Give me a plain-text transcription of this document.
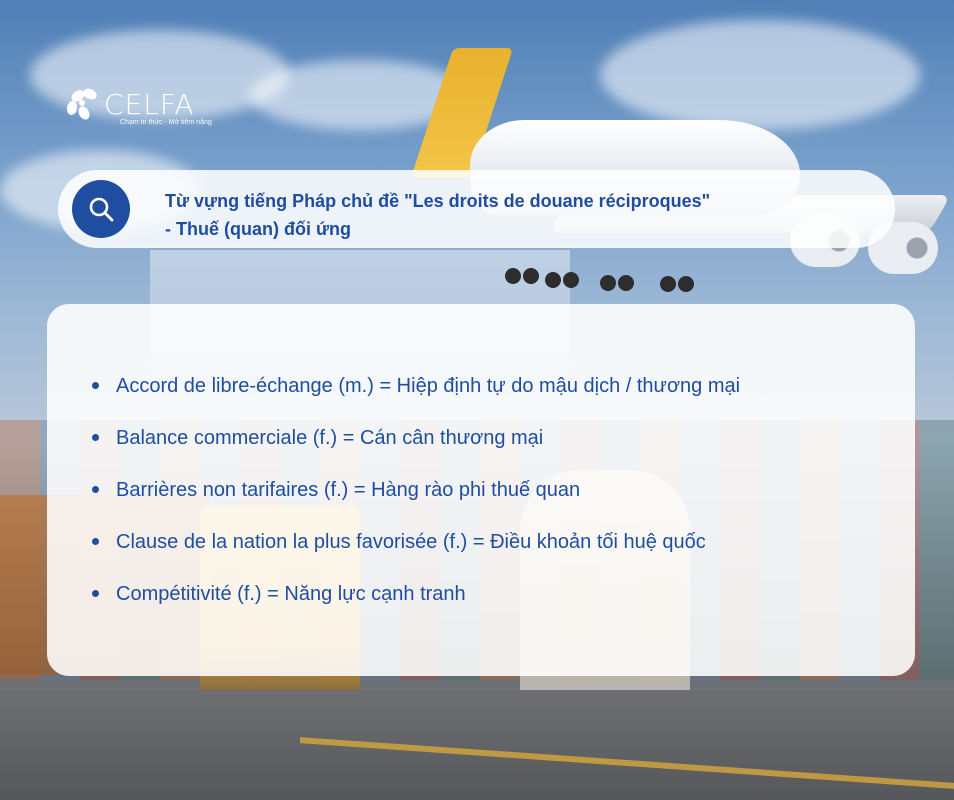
CELFA
Chạm tri thức - Mở tiềm năng
Từ vựng tiếng Pháp chủ đề "Les droits de douane réciproques"
- Thuế (quan) đối ứng
Accord de libre-échange (m.) = Hiệp định tự do mậu dịch / thương mại
Balance commerciale (f.) = Cán cân thương mại
Barrières non tarifaires (f.) = Hàng rào phi thuế quan
Clause de la nation la plus favorisée (f.) = Điều khoản tối huệ quốc
Compétitivité (f.) = Năng lực cạnh tranh
